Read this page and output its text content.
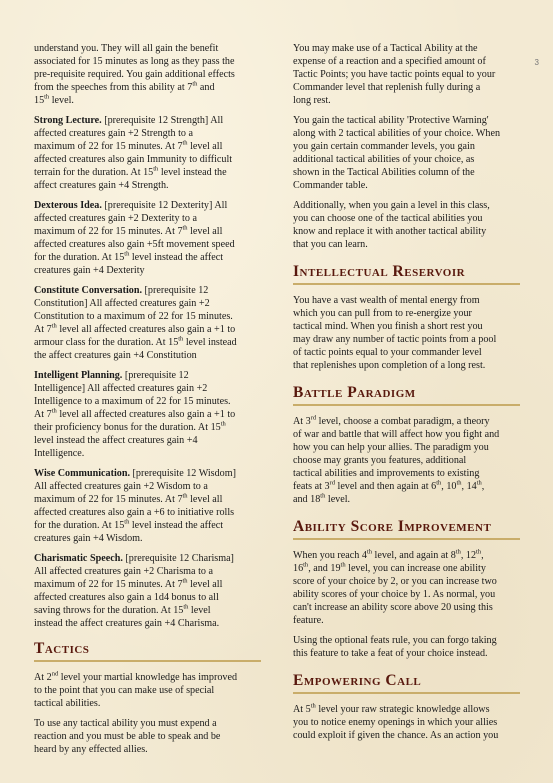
3

understand you. They will all gain the benefit
associated for 15 minutes as long as they pass the
pre-requisite required. You gain additional effects
from the speeches from this ability at 7th and
15th level.

Strong Lecture. [prerequisite 12 Strength] All
affected creatures gain +2 Strength to a
maximum of 22 for 15 minutes. At 7th level all
affected creatures also gain Immunity to difficult
terrain for the duration. At 15th level instead the
affect creatures gain +4 Strength.

Dexterous Idea. [prerequisite 12 Dexterity] All
affected creatures gain +2 Dexterity to a
maximum of 22 for 15 minutes. At 7th level all
affected creatures also gain +5ft movement speed
for the duration. At 15th level instead the affect
creatures gain +4 Dexterity

Constitute Conversation. [prerequisite 12
Constitution] All affected creatures gain +2
Constitution to a maximum of 22 for 15 minutes.
At 7th level all affected creatures also gain a +1 to
armour class for the duration. At 15th level instead
the affect creatures gain +4 Constitution

Intelligent Planning. [prerequisite 12
Intelligence] All affected creatures gain +2
Intelligence to a maximum of 22 for 15 minutes.
At 7th level all affected creatures also gain a +1 to
their proficiency bonus for the duration. At 15th
level instead the affect creatures gain +4
Intelligence.

Wise Communication. [prerequisite 12 Wisdom]
All affected creatures gain +2 Wisdom to a
maximum of 22 for 15 minutes. At 7th level all
affected creatures also gain a +6 to initiative rolls
for the duration. At 15th level instead the affect
creatures gain +4 Wisdom.

Charismatic Speech. [prerequisite 12 Charisma]
All affected creatures gain +2 Charisma to a
maximum of 22 for 15 minutes. At 7th level all
affected creatures also gain a 1d4 bonus to all
saving throws for the duration. At 15th level
instead the affect creatures gain +4 Charisma.

Tactics

At 2nd level your martial knowledge has improved
to the point that you can make use of special
tactical abilities.

To use any tactical ability you must expend a
reaction and you must be able to speak and be
heard by any effected allies.

You may make use of a Tactical Ability at the
expense of a reaction and a specified amount of
Tactic Points; you have tactic points equal to your
Commander level that replenish fully during a
long rest.

You gain the tactical ability 'Protective Warning'
along with 2 tactical abilities of your choice. When
you gain certain commander levels, you gain
additional tactical abilities of your choice, as
shown in the Tactical Abilities column of the
Commander table.

Additionally, when you gain a level in this class,
you can choose one of the tactical abilities you
know and replace it with another tactical ability
that you can learn.

Intellectual Reservoir

You have a vast wealth of mental energy from
which you can pull from to re-energize your
tactical mind. When you finish a short rest you
may draw any number of tactic points from a pool
of tactic points equal to your commander level
that replenishes upon completion of a long rest.

Battle Paradigm

At 3rd level, choose a combat paradigm, a theory
of war and battle that will affect how you fight and
how you can help your allies. The paradigm you
choose may grants you features, additional
tactical abilities and improvements to existing
feats at 3rd level and then again at 6th, 10th, 14th,
and 18th level.

Ability Score Improvement

When you reach 4th level, and again at 8th, 12th,
16th, and 19th level, you can increase one ability
score of your choice by 2, or you can increase two
ability scores of your choice by 1. As normal, you
can't increase an ability score above 20 using this
feature.

Using the optional feats rule, you can forgo taking
this feature to take a feat of your choice instead.

Empowering Call

At 5th level your raw strategic knowledge allows
you to notice enemy openings in which your allies
could exploit if given the chance. As an action you
